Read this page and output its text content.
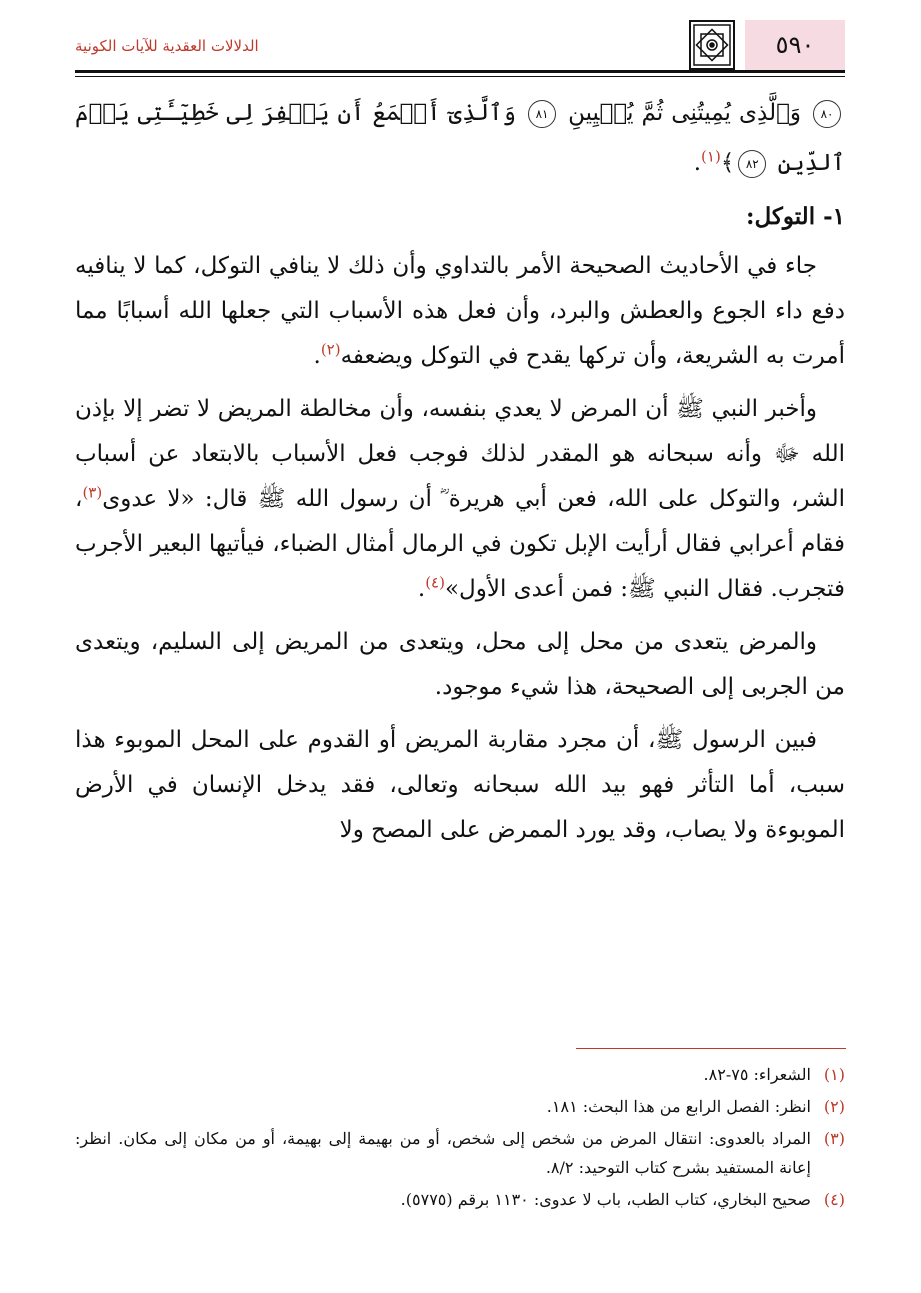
٥٩٠
الدلالات العقدية للآيات الكونية
٨٠ وَٱلَّذِى يُمِيتُنِى ثُمَّ يُحۡيِينِ ٨١ وَٱلَّذِىٓ أَطۡمَعُ أَن يَغۡفِرَ لِى خَطِيٓـَٔتِى يَوۡمَ ٱلدِّينِ ٨٢﴾$^{(١)}$.
١- التوكل:

جاء في الأحاديث الصحيحة الأمر بالتداوي وأن ذلك لا ينافي التوكل، كما لا ينافيه دفع داء الجوع والعطش والبرد، وأن فعل هذه الأسباب التي جعلها الله أسبابًا مما أمرت به الشريعة، وأن تركها يقدح في التوكل ويضعفه$^{(٢)}$.

وأخبر النبي ﷺ أن المرض لا يعدي بنفسه، وأن مخالطة المريض لا تضر إلا بإذن الله ﷻ وأنه سبحانه هو المقدر لذلك فوجب فعل الأسباب بالابتعاد عن أسباب الشر، والتوكل على الله، فعن أبي هريرة ؓ أن رسول الله ﷺ قال: «لا عدوى$^{(٣)}$، فقام أعرابي فقال أرأيت الإبل تكون في الرمال أمثال الضباء، فيأتيها البعير الأجرب فتجرب. فقال النبي ﷺ: فمن أعدى الأول»$^{(٤)}$.

والمرض يتعدى من محل إلى محل، ويتعدى من المريض إلى السليم، ويتعدى من الجربى إلى الصحيحة، هذا شيء موجود.

فبين الرسول ﷺ، أن مجرد مقاربة المريض أو القدوم على المحل الموبوء هذا سبب، أما التأثر فهو بيد الله سبحانه وتعالى، فقد يدخل الإنسان في الأرض الموبوءة ولا يصاب، وقد يورد الممرض على المصح ولا

(١)
الشعراء: ٧٥-٨٢.
(٢)
انظر: الفصل الرابع من هذا البحث: ١٨١.
(٣)
المراد بالعدوى: انتقال المرض من شخص إلى شخص، أو من بهيمة إلى بهيمة، أو من مكان إلى مكان. انظر: إعانة المستفيد بشرح كتاب التوحيد: ٨/٢.
(٤)
صحيح البخاري، كتاب الطب، باب لا عدوى: ١١٣٠ برقم (٥٧٧٥).
